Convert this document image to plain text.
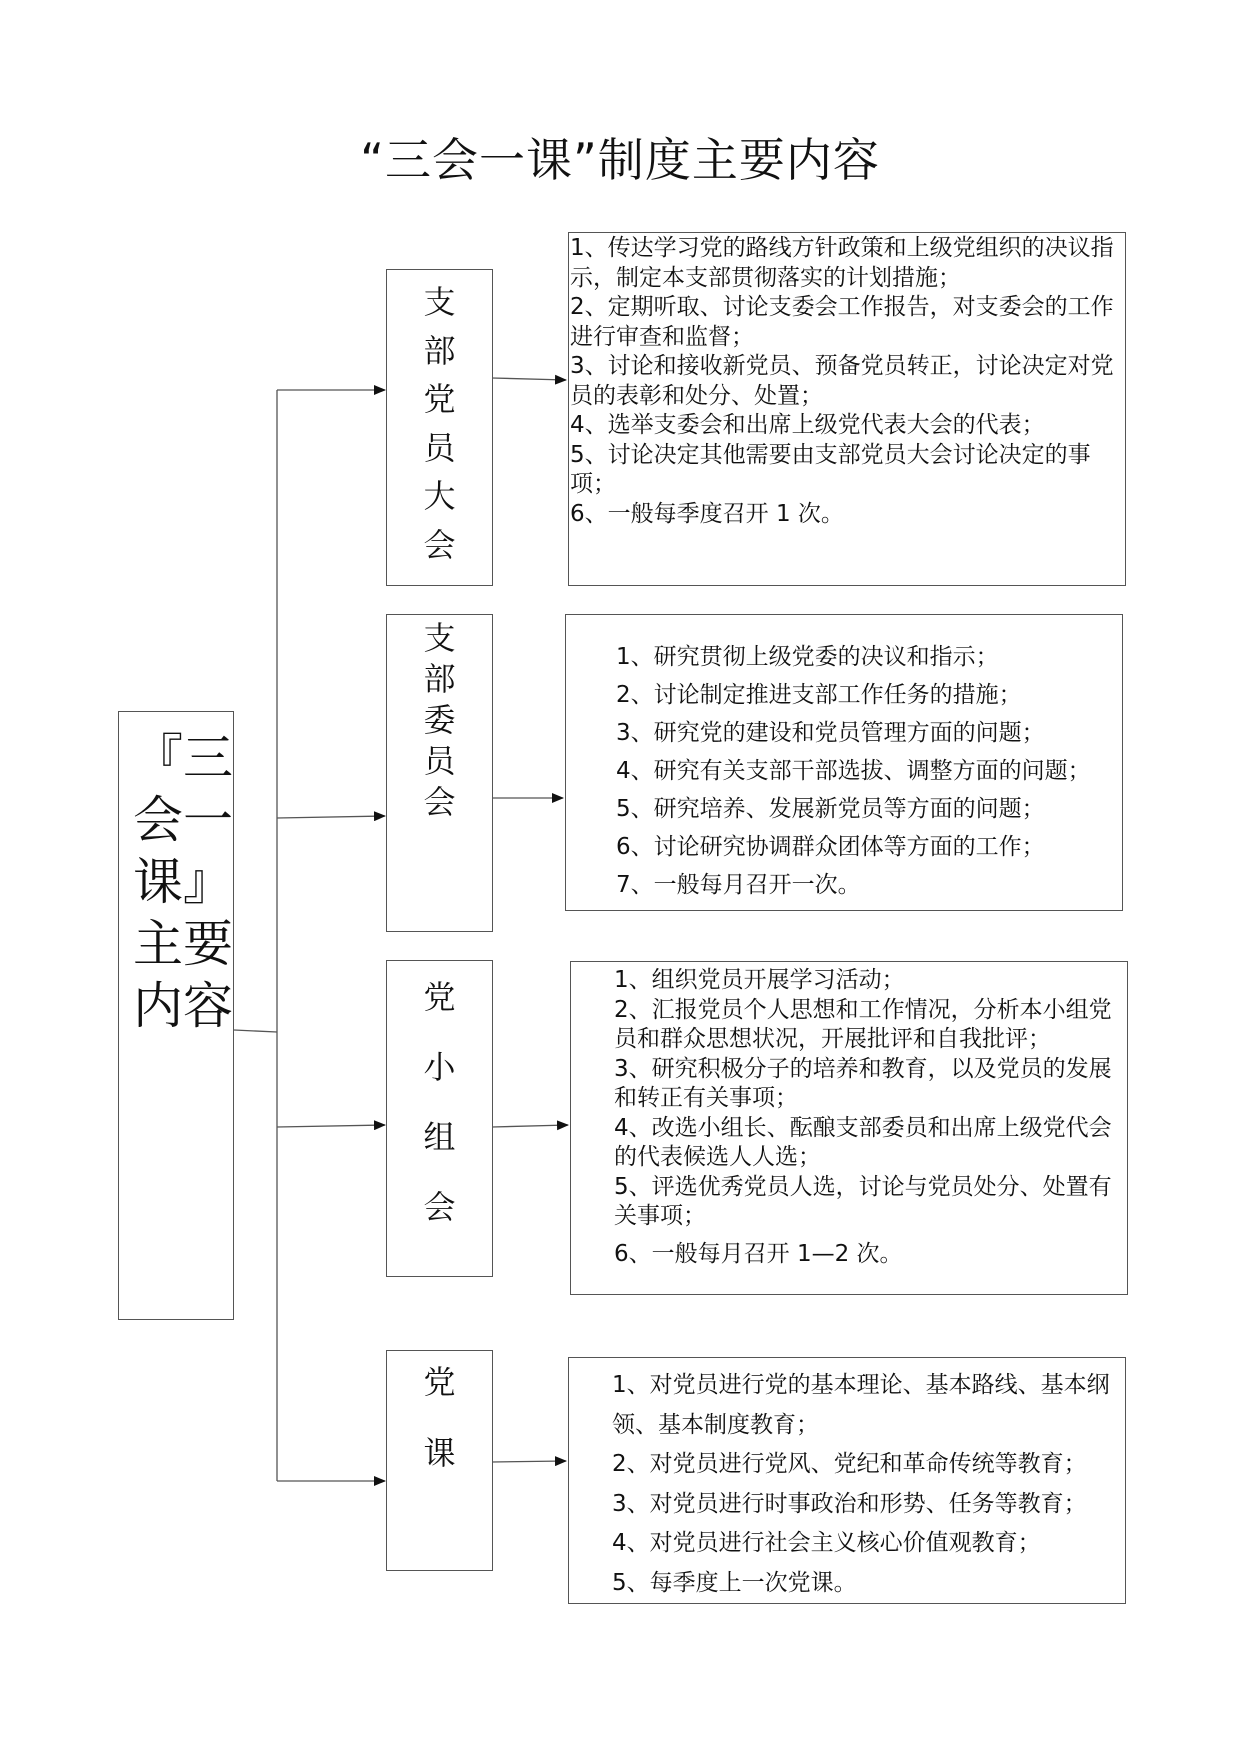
“三会一课”制度主要内容
『三
会一
课』
主要
内容
支
部
党
员
大
会
1、传达学习党的路线方针政策和上级党组织的决议指示，制定本支部贯彻落实的计划措施；
2、定期听取、讨论支委会工作报告，对支委会的工作进行审查和监督；
3、讨论和接收新党员、预备党员转正，讨论决定对党员的表彰和处分、处置；
4、选举支委会和出席上级党代表大会的代表；
5、讨论决定其他需要由支部党员大会讨论决定的事项；
6、一般每季度召开 1 次。
支
部
委
员
会
1、研究贯彻上级党委的决议和指示；
2、讨论制定推进支部工作任务的措施；
3、研究党的建设和党员管理方面的问题；
4、研究有关支部干部选拔、调整方面的问题；
5、研究培养、发展新党员等方面的问题；
6、讨论研究协调群众团体等方面的工作；
7、一般每月召开一次。
党
小
组
会
1、组织党员开展学习活动；
2、汇报党员个人思想和工作情况，分析本小组党员和群众思想状况，开展批评和自我批评；
3、研究积极分子的培养和教育，以及党员的发展和转正有关事项；
4、改选小组长、酝酿支部委员和出席上级党代会的代表候选人人选；
5、评选优秀党员人选，讨论与党员处分、处置有关事项；
6、一般每月召开 1—2 次。
党
课
1、对党员进行党的基本理论、基本路线、基本纲领、基本制度教育；
2、对党员进行党风、党纪和革命传统等教育；
3、对党员进行时事政治和形势、任务等教育；
4、对党员进行社会主义核心价值观教育；
5、每季度上一次党课。
